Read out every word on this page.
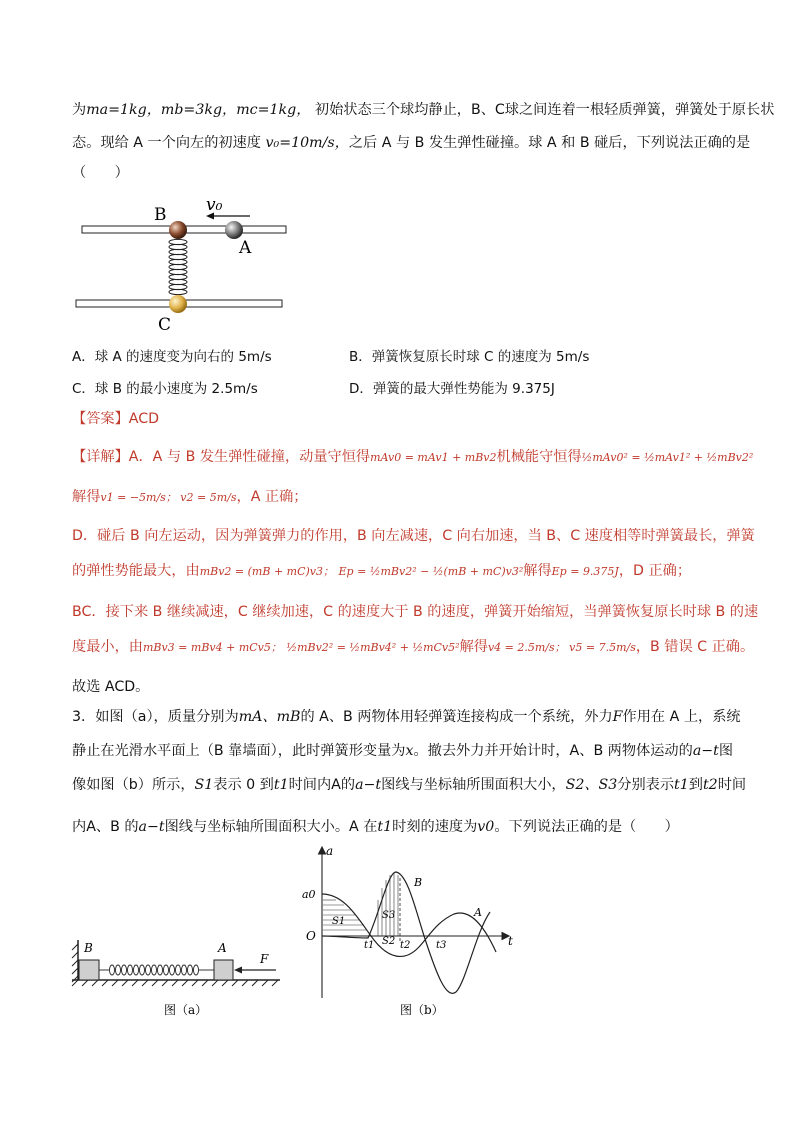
为ma=1kg，mb=3kg，mc=1kg， 初始状态三个球均静止，B、C球之间连着一根轻质弹簧，弹簧处于原长状
态。现给 A 一个向左的初速度 v₀=10m/s，之后 A 与 B 发生弹性碰撞。球 A 和 B 碰后，下列说法正确的是
（　　）
B
A
C
v₀
A．球 A 的速度变为向右的 5m/s	B．弹簧恢复原长时球 C 的速度为 5m/s
C．球 B 的最小速度为 2.5m/s	D．弹簧的最大弹性势能为 9.375J
【答案】ACD
【详解】A．A 与 B 发生弹性碰撞，动量守恒得mAv0 = mAv1 + mBv2机械能守恒得½mAv0² = ½mAv1² + ½mBv2²
解得v1 = −5m/s； v2 = 5m/s，A 正确；
D．碰后 B 向左运动，因为弹簧弹力的作用，B 向左减速，C 向右加速，当 B、C 速度相等时弹簧最长，弹簧
的弹性势能最大，由mBv2 = (mB + mC)v3； Ep = ½mBv2² − ½(mB + mC)v3²解得Ep = 9.375J，D 正确；
BC．接下来 B 继续减速，C 继续加速，C 的速度大于 B 的速度，弹簧开始缩短，当弹簧恢复原长时球 B 的速
度最小，由mBv3 = mBv4 + mCv5； ½mBv2² = ½mBv4² + ½mCv5²解得v4 = 2.5m/s； v5 = 7.5m/s，B 错误 C 正确。
故选 ACD。
3．如图（a），质量分别为mA、mB的 A、B 两物体用轻弹簧连接构成一个系统，外力F作用在 A 上，系统
静止在光滑水平面上（B 靠墙面），此时弹簧形变量为x。撤去外力并开始计时，A、B 两物体运动的a−t图
像如图（b）所示，S1表示 0 到t1时间内A的a−t图线与坐标轴所围面积大小，S2、S3分别表示t1到t2时间
内A、B 的a−t图线与坐标轴所围面积大小。A 在t1时刻的速度为v0。下列说法正确的是（　　）
B	A
F
图（a）
a
t
O
a0
S1
S3
S2
t1	t2	t3
B
A
图（b）
